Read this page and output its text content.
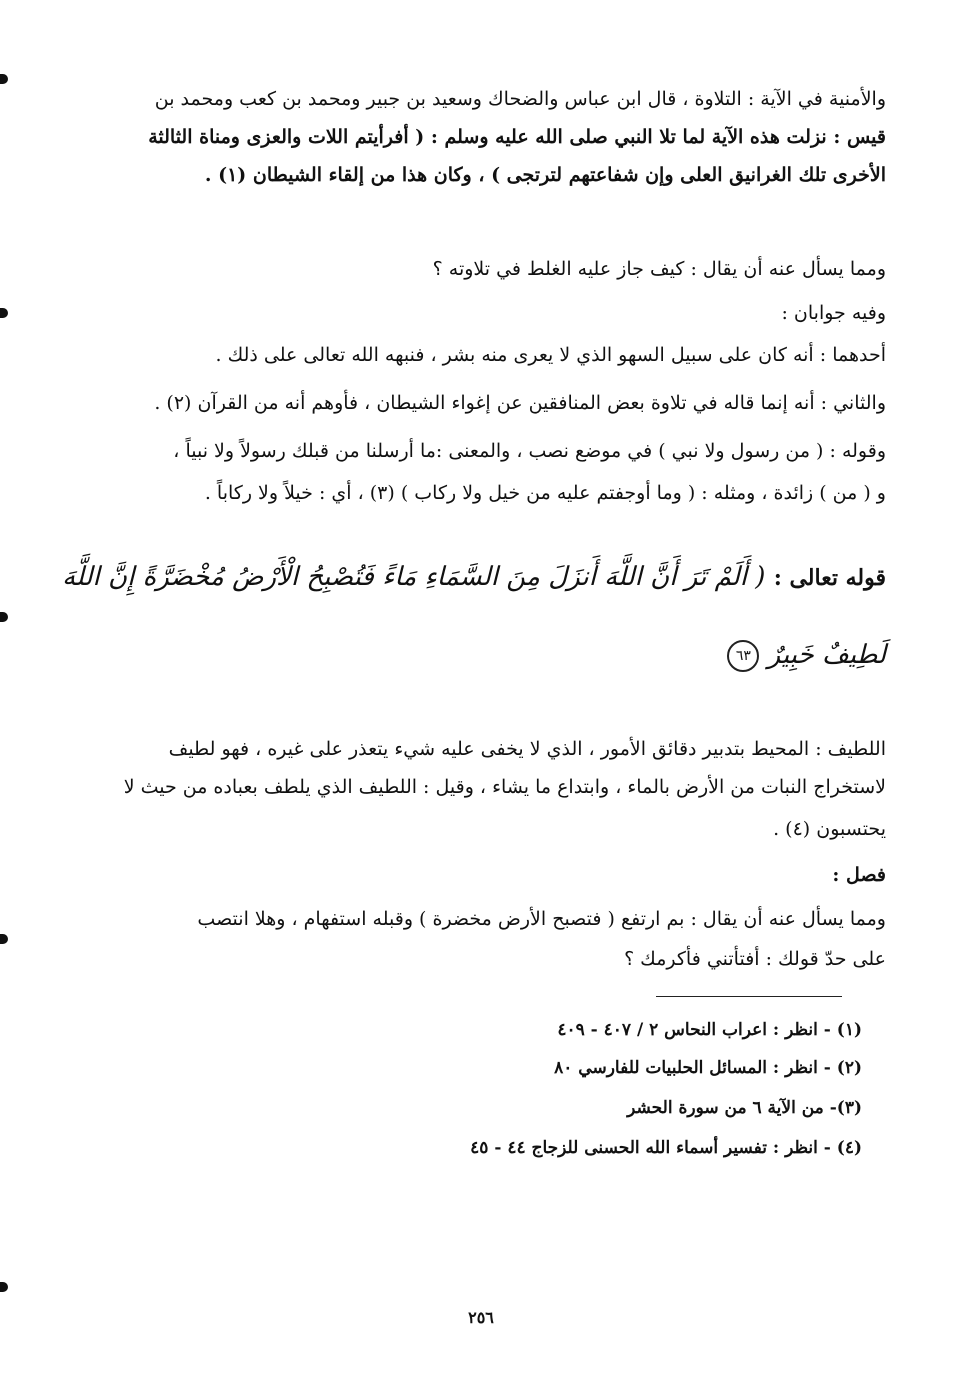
والأمنية في الآية : التلاوة ، قال ابن عباس والضحاك وسعيد بن جبير ومحمد بن كعب ومحمد بن
قيس : نزلت هذه الآية لما تلا النبي صلى الله عليه وسلم : ( أفرأيتم اللات والعزى ومناة الثالثة
الأخرى تلك الغرانيق العلى وإن شفاعتهم لترتجى ) ، وكان هذا من إلقاء الشيطان (١) .
ومما يسأل عنه أن يقال : كيف جاز عليه الغلط في تلاوته ؟
وفيه جوابان :
أحدهما : أنه كان على سبيل السهو الذي لا يعرى منه بشر ، فنبهه الله تعالى على ذلك .
والثاني : أنه إنما قاله في تلاوة بعض المنافقين عن إغواء الشيطان ، فأوهم أنه من القرآن (٢) .
وقوله : ( من رسول ولا نبي ) في موضع نصب ، والمعنى :ما أرسلنا من قبلك رسولاً ولا نبياً ،
و ( من ) زائدة ، ومثله : ( وما أوجفتم عليه من خيل ولا ركاب ) (٣) ، أي : خيلاً ولا ركاباً .
قوله تعالى : ( أَلَمْ تَرَ أَنَّ اللَّهَ أَنزَلَ مِنَ السَّمَاءِ مَاءً فَتُصْبِحُ الْأَرْضُ مُخْضَرَّةً إِنَّ اللَّهَ
لَطِيفٌ خَبِيرٌ ٦٣
اللطيف : المحيط بتدبير دقائق الأمور ، الذي لا يخفى عليه شيء يتعذر على غيره ، فهو لطيف
لاستخراج النبات من الأرض بالماء ، وابتداع ما يشاء ، وقيل : اللطيف الذي يلطف بعباده من حيث لا
يحتسبون (٤) .
فصل :
ومما يسأل عنه أن يقال : بم ارتفع ( فتصبح الأرض مخضرة ) وقبله استفهام ، وهلا انتصب
على حدّ قولك : أفتأتني فأكرمك ؟
(١) - انظر : اعراب النحاس ٢ / ٤٠٧ - ٤٠٩
(٢) - انظر : المسائل الحلبيات للفارسي ٨٠
(٣)- من الآية ٦ من سورة الحشر
(٤) - انظر : تفسير أسماء الله الحسنى للزجاج ٤٤ - ٤٥
٢٥٦
